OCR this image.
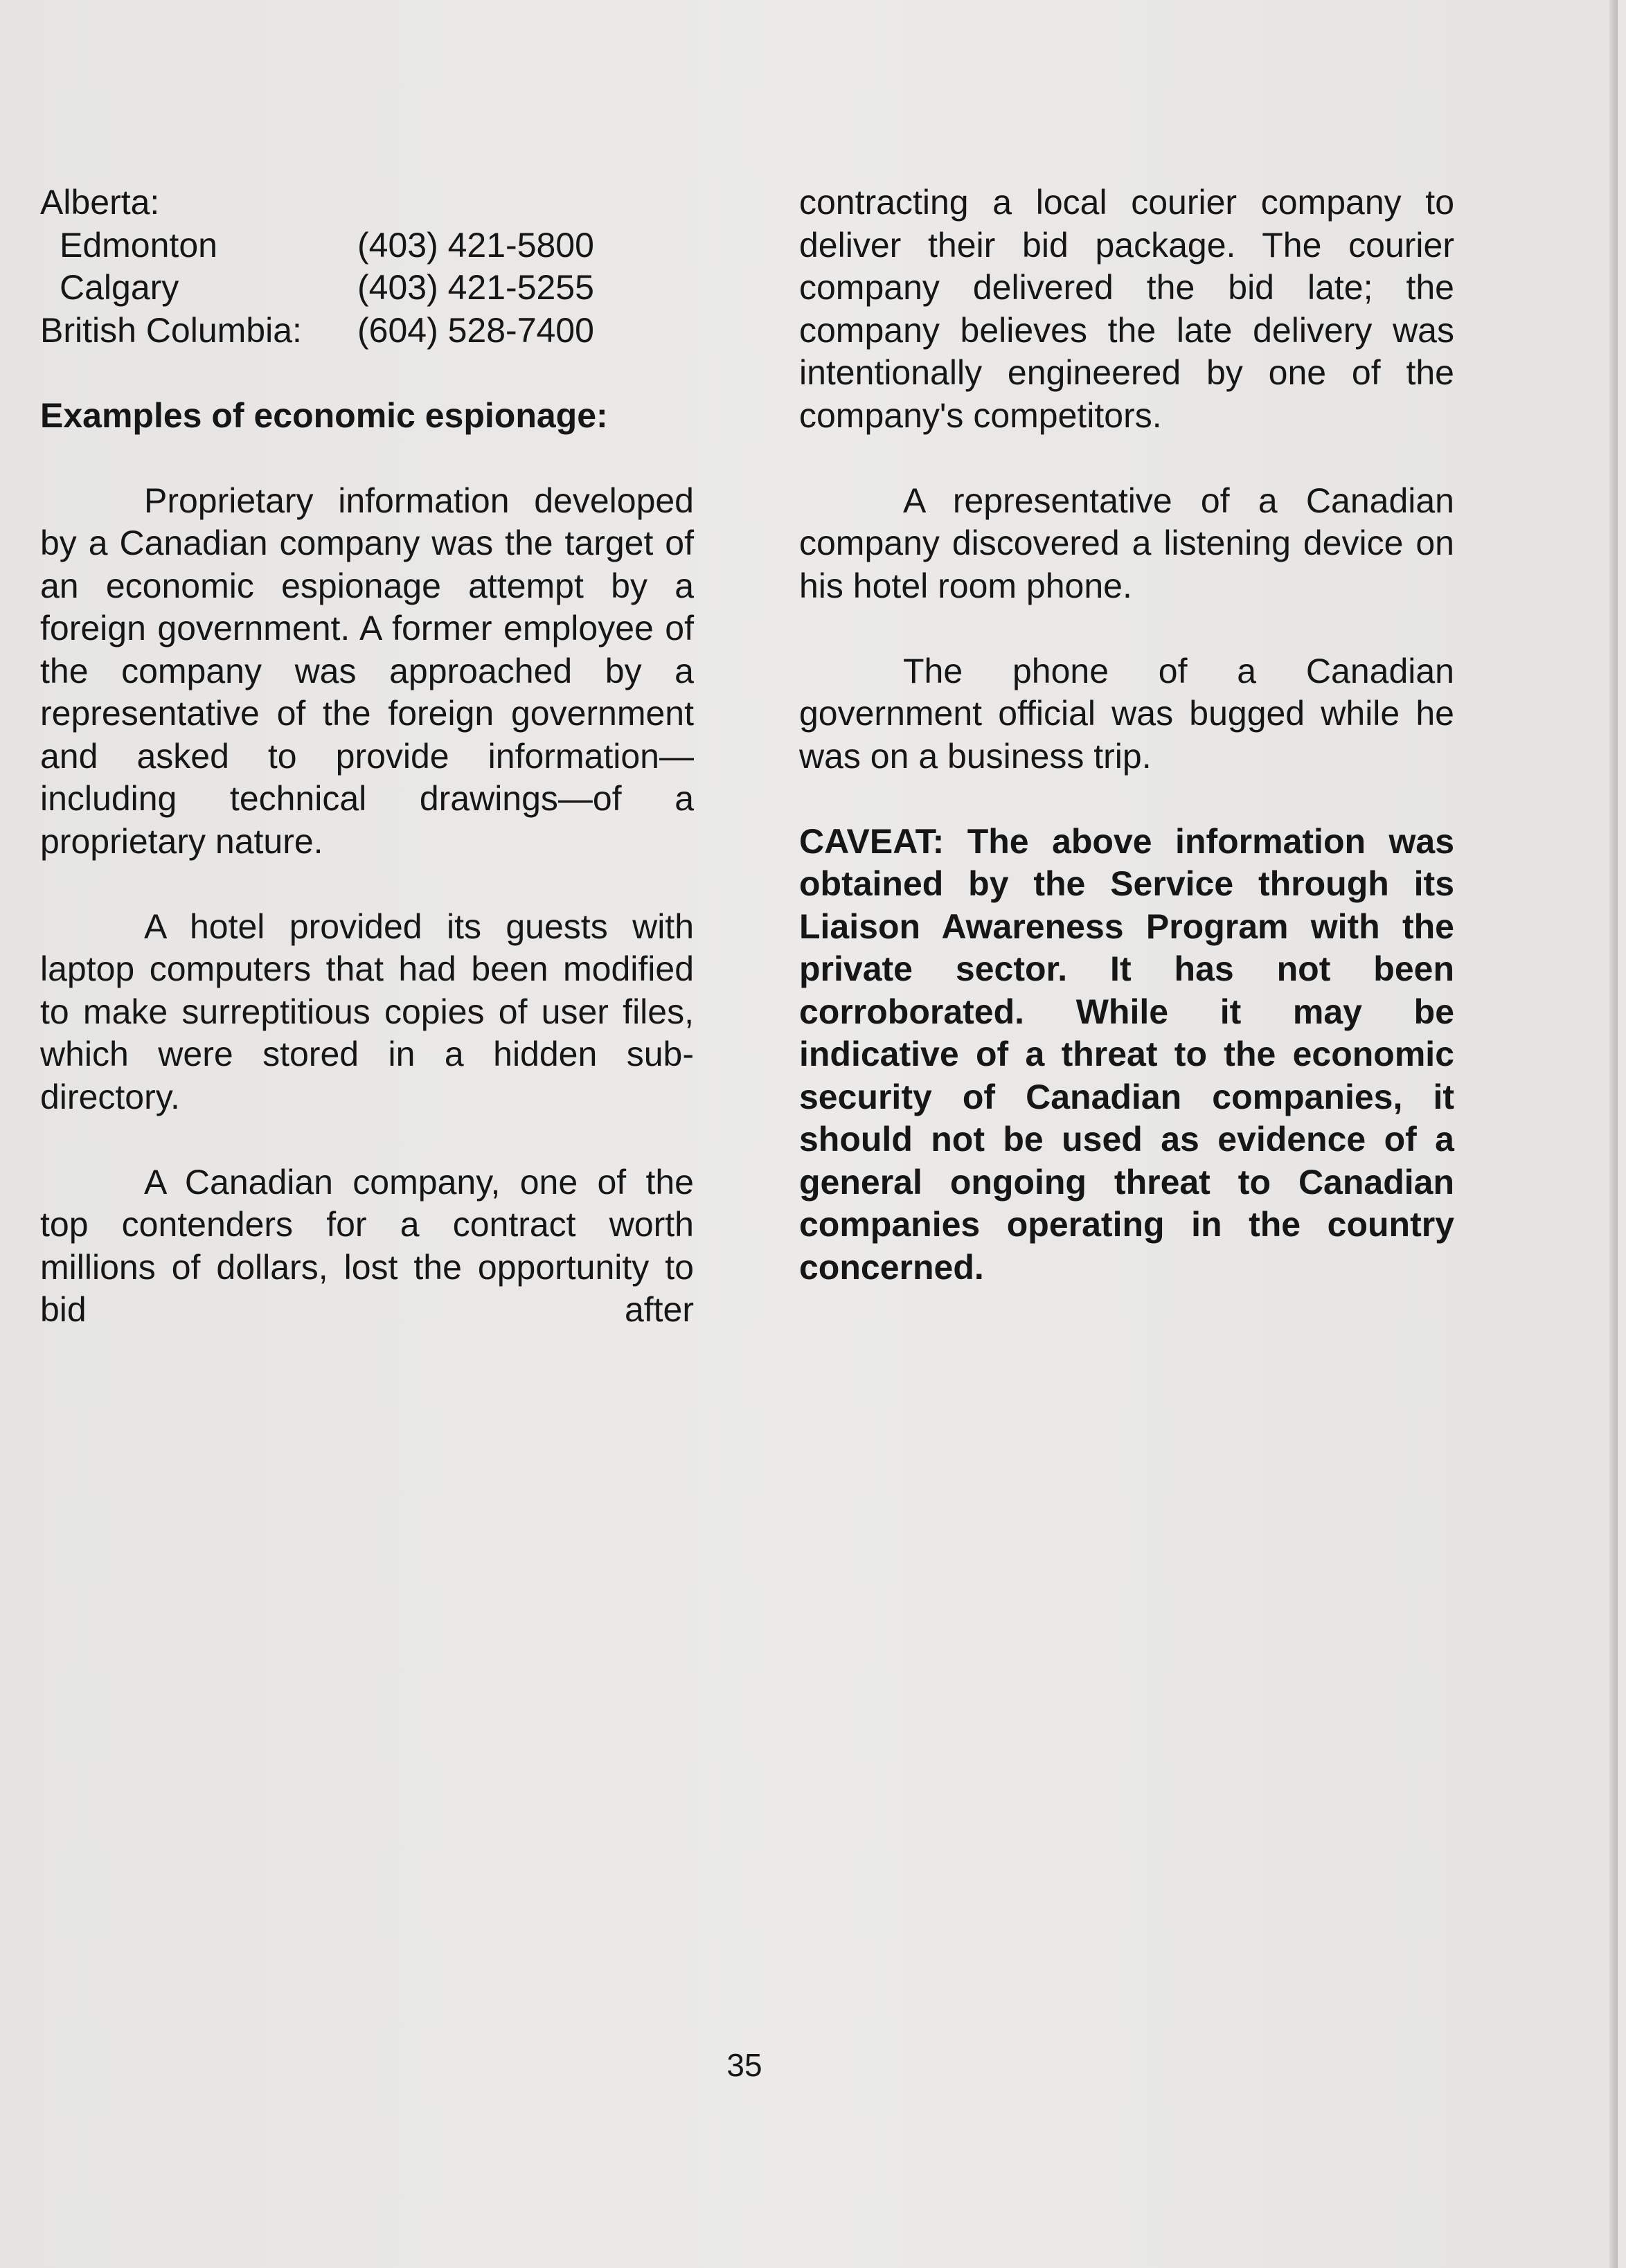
Alberta:
Edmonton	(403) 421-5800
Calgary	(403) 421-5255
British Columbia:	(604) 528-7400

Examples of economic espionage:

Proprietary information developed by a Canadian company was the target of an economic espionage attempt by a foreign government. A former employee of the company was approached by a representative of the foreign government and asked to provide information—including technical drawings—of a proprietary nature.

A hotel provided its guests with laptop computers that had been modified to make surreptitious copies of user files, which were stored in a hidden sub-directory.

A Canadian company, one of the top contenders for a contract worth millions of dollars, lost the opportunity to bid after

contracting a local courier company to deliver their bid package. The courier company delivered the bid late; the company believes the late delivery was intentionally engineered by one of the company's competitors.

A representative of a Canadian company discovered a listening device on his hotel room phone.

The phone of a Canadian government official was bugged while he was on a business trip.

CAVEAT: The above information was obtained by the Service through its Liaison Awareness Program with the private sector. It has not been corroborated. While it may be indicative of a threat to the economic security of Canadian companies, it should not be used as evidence of a general ongoing threat to Canadian companies operating in the country concerned.

35
